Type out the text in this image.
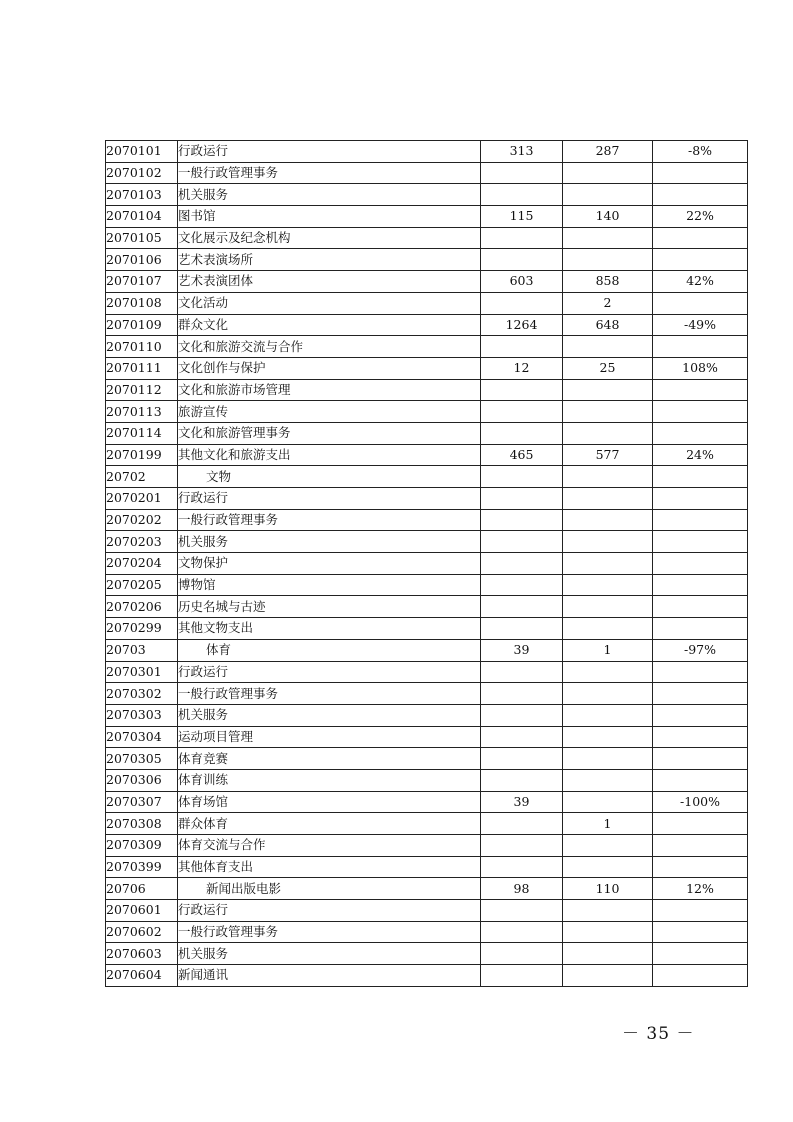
2070101	行政运行	313	287	-8%
2070102	一般行政管理事务			
2070103	机关服务			
2070104	图书馆	115	140	22%
2070105	文化展示及纪念机构			
2070106	艺术表演场所			
2070107	艺术表演团体	603	858	42%
2070108	文化活动		2	
2070109	群众文化	1264	648	-49%
2070110	文化和旅游交流与合作			
2070111	文化创作与保护	12	25	108%
2070112	文化和旅游市场管理			
2070113	旅游宣传			
2070114	文化和旅游管理事务			
2070199	其他文化和旅游支出	465	577	24%
20702	文物			
2070201	行政运行			
2070202	一般行政管理事务			
2070203	机关服务			
2070204	文物保护			
2070205	博物馆			
2070206	历史名城与古迹			
2070299	其他文物支出			
20703	体育	39	1	-97%
2070301	行政运行			
2070302	一般行政管理事务			
2070303	机关服务			
2070304	运动项目管理			
2070305	体育竞赛			
2070306	体育训练			
2070307	体育场馆	39		-100%
2070308	群众体育		1	
2070309	体育交流与合作			
2070399	其他体育支出			
20706	新闻出版电影	98	110	12%
2070601	行政运行			
2070602	一般行政管理事务			
2070603	机关服务			
2070604	新闻通讯			
－ 35 －
